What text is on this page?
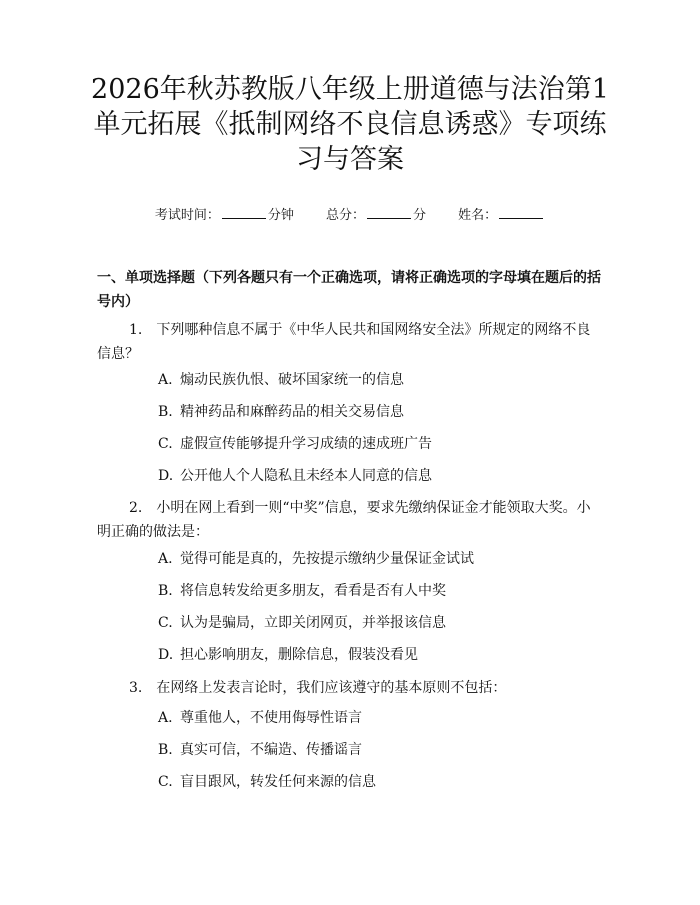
2026年秋苏教版八年级上册道德与法治第1单元拓展《抵制网络不良信息诱惑》专项练习与答案
考试时间：	分钟 总分：	分 姓名：
一、单项选择题（下列各题只有一个正确选项，请将正确选项的字母填在题后的括号内）

1. 下列哪种信息不属于《中华人民共和国网络安全法》所规定的网络不良信息？

A. 煽动民族仇恨、破坏国家统一的信息

B. 精神药品和麻醉药品的相关交易信息

C. 虚假宣传能够提升学习成绩的速成班广告

D. 公开他人个人隐私且未经本人同意的信息

2. 小明在网上看到一则“中奖”信息，要求先缴纳保证金才能领取大奖。小明正确的做法是：

A. 觉得可能是真的，先按提示缴纳少量保证金试试

B. 将信息转发给更多朋友，看看是否有人中奖

C. 认为是骗局，立即关闭网页，并举报该信息

D. 担心影响朋友，删除信息，假装没看见

3. 在网络上发表言论时，我们应该遵守的基本原则不包括：

A. 尊重他人，不使用侮辱性语言

B. 真实可信，不编造、传播谣言

C. 盲目跟风，转发任何来源的信息
